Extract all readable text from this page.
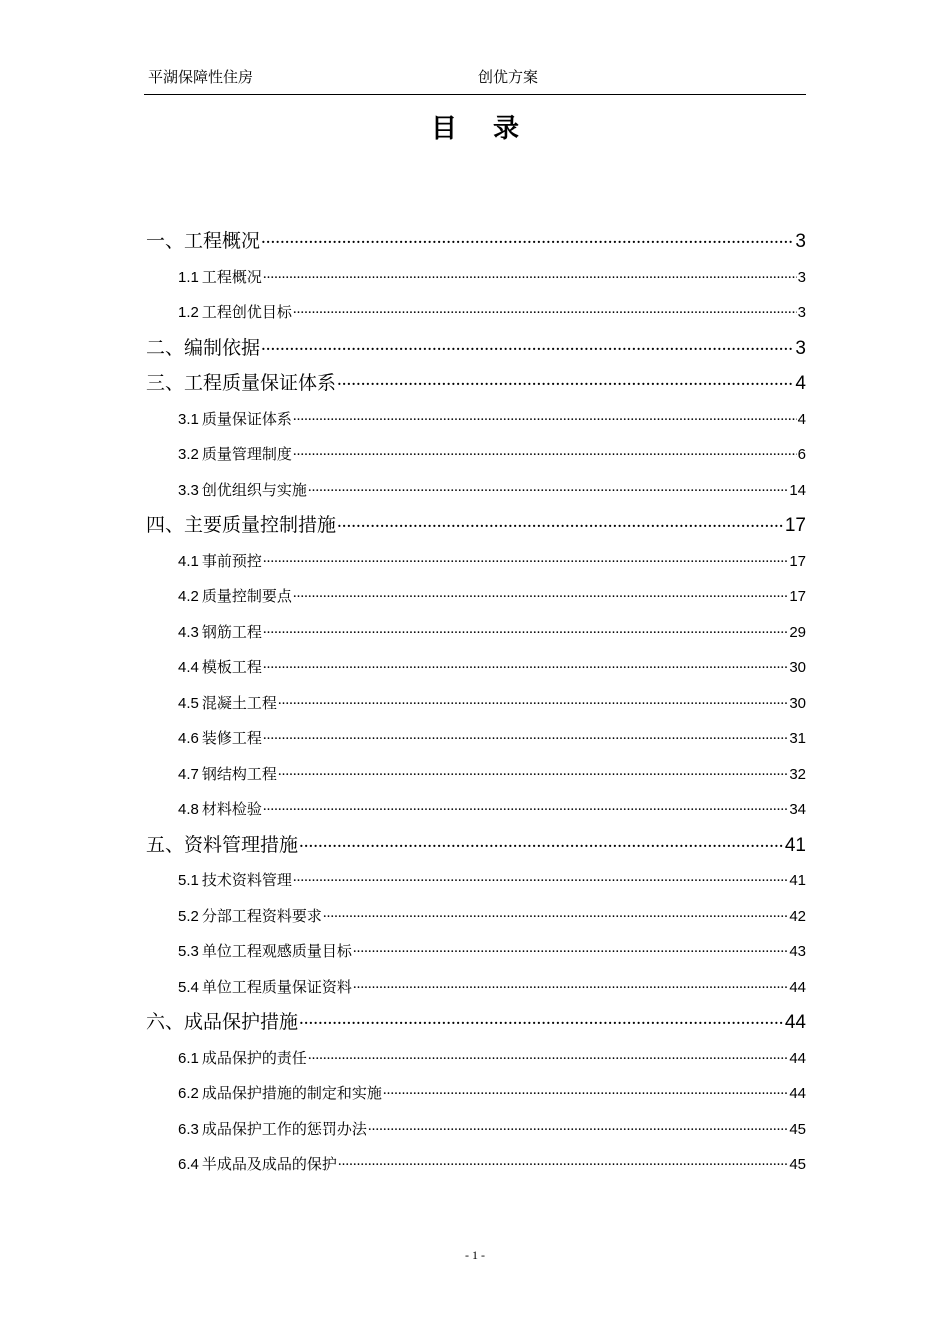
平湖保障性住房	创优方案
目录
一、工程概况 .....	3
1.1 工程概况 .....	3
1.2 工程创优目标 .....	3
二、编制依据 .....	3
三、工程质量保证体系 .....	4
3.1 质量保证体系 .....	4
3.2 质量管理制度 .....	6
3.3 创优组织与实施 .....	14
四、主要质量控制措施 .....	17
4.1 事前预控 .....	17
4.2 质量控制要点 .....	17
4.3 钢筋工程 .....	29
4.4 模板工程 .....	30
4.5 混凝土工程 .....	30
4.6 装修工程 .....	31
4.7 钢结构工程 .....	32
4.8 材料检验 .....	34
五、资料管理措施 .....	41
5.1 技术资料管理 .....	41
5.2 分部工程资料要求 .....	42
5.3 单位工程观感质量目标 .....	43
5.4 单位工程质量保证资料 .....	44
六、成品保护措施 .....	44
6.1 成品保护的责任 .....	44
6.2 成品保护措施的制定和实施 .....	44
6.3 成品保护工作的惩罚办法 .....	45
6.4 半成品及成品的保护 .....	45
- 1 -
